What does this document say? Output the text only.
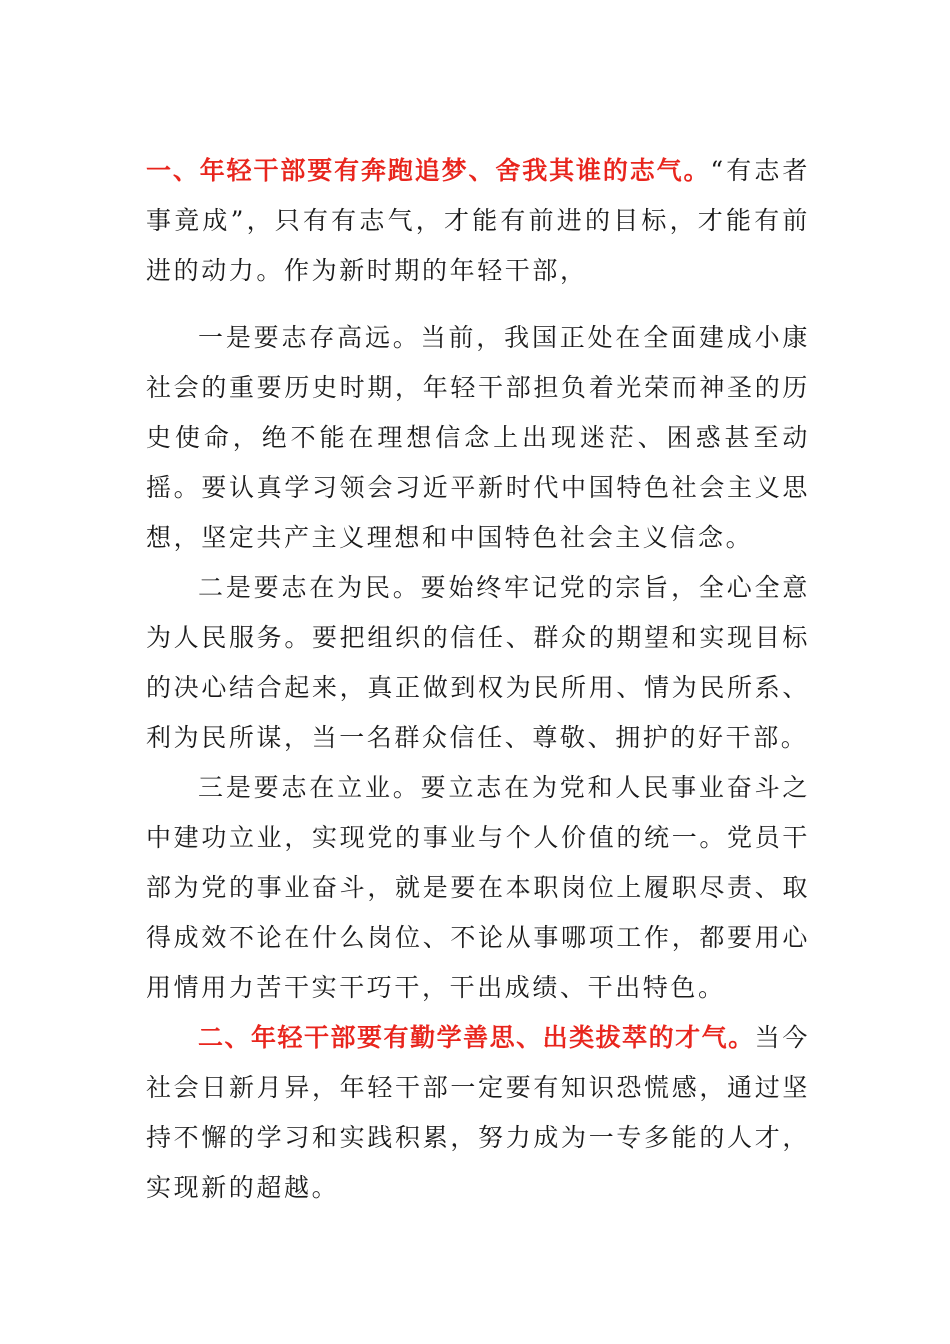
一、年轻干部要有奔跑追梦、舍我其谁的志气。“有志者事竟成”，只有有志气，才能有前进的目标，才能有前进的动力。作为新时期的年轻干部，

一是要志存高远。当前，我国正处在全面建成小康社会的重要历史时期，年轻干部担负着光荣而神圣的历史使命，绝不能在理想信念上出现迷茫、困惑甚至动摇。要认真学习领会习近平新时代中国特色社会主义思想，坚定共产主义理想和中国特色社会主义信念。

二是要志在为民。要始终牢记党的宗旨，全心全意为人民服务。要把组织的信任、群众的期望和实现目标的决心结合起来，真正做到权为民所用、情为民所系、利为民所谋，当一名群众信任、尊敬、拥护的好干部。

三是要志在立业。要立志在为党和人民事业奋斗之中建功立业，实现党的事业与个人价值的统一。党员干部为党的事业奋斗，就是要在本职岗位上履职尽责、取得成效不论在什么岗位、不论从事哪项工作，都要用心用情用力苦干实干巧干，干出成绩、干出特色。

二、年轻干部要有勤学善思、出类拔萃的才气。当今社会日新月异，年轻干部一定要有知识恐慌感，通过坚持不懈的学习和实践积累，努力成为一专多能的人才，实现新的超越。
